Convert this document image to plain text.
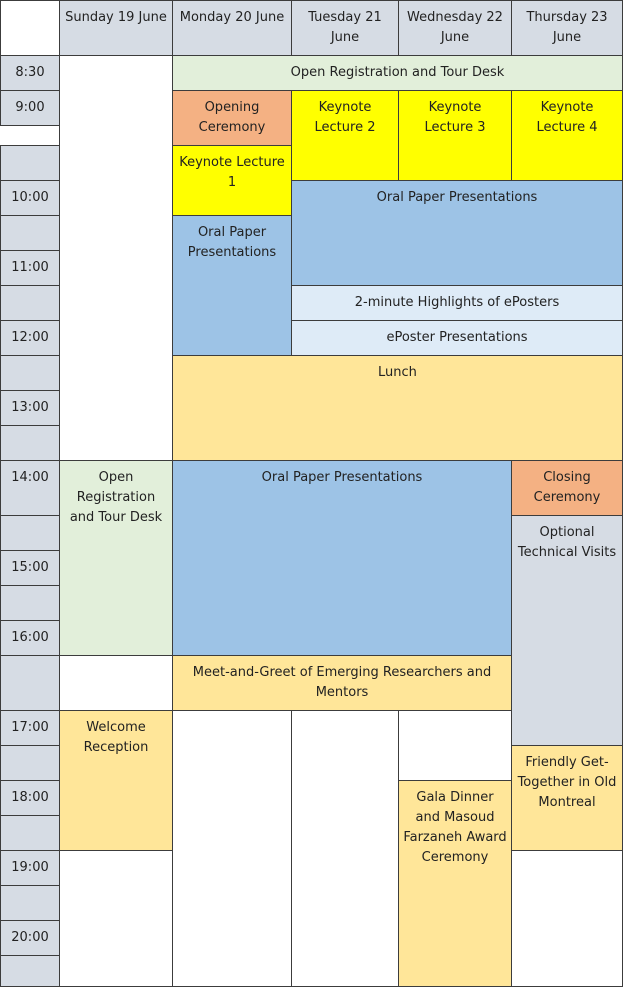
Sunday 19 June Monday 20 June	Tuesday 21 June
Wednesday 22 June
Thursday 23 June
8:30
9:00
10:00
11:00
12:00
13:00
14:00
15:00
16:00
17:00
18:00
19:00
20:00
Open Registration and Tour Desk
Opening Ceremony
Keynote Lecture 2
Keynote Lecture 3
Keynote Lecture 4
Keynote Lecture 1
Oral Paper Presentations
Oral Paper Presentations
2-minute Highlights of ePosters
ePoster Presentations
Lunch
Open Registration and Tour Desk
Oral Paper Presentations	Closing Ceremony
Optional Technical Visits
Meet-and-Greet of Emerging Researchers and Mentors
Welcome Reception
Friendly Get-Together in Old Montreal
Gala Dinner and Masoud Farzaneh Award Ceremony
